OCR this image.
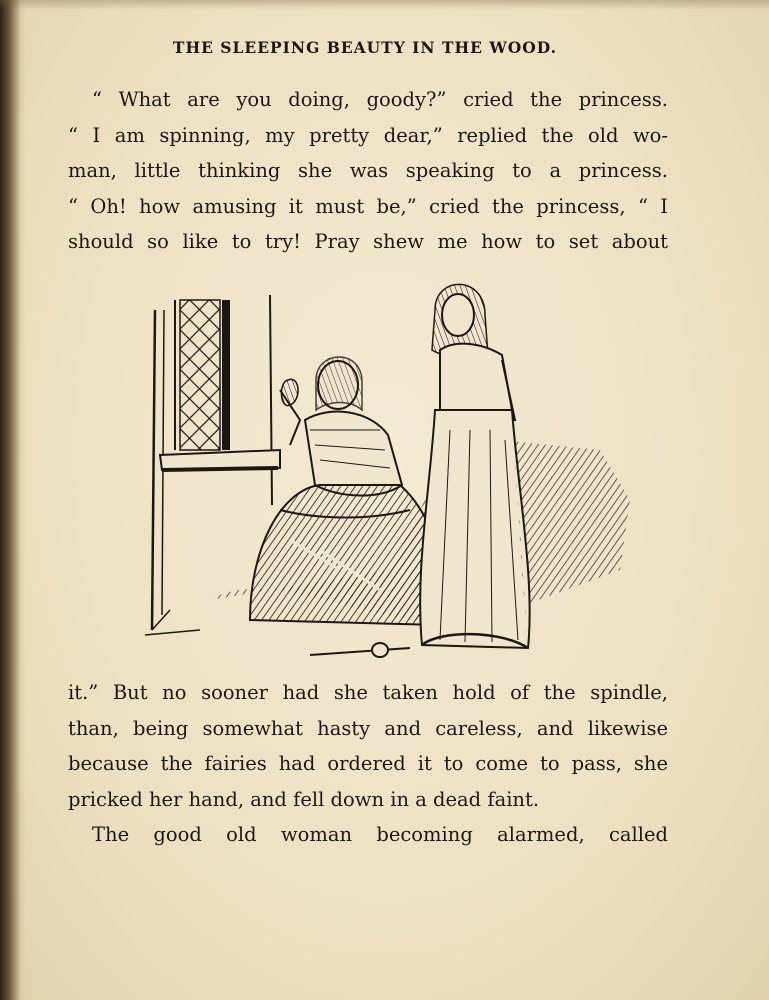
THE SLEEPING BEAUTY IN THE WOOD.
“ What are you doing, goody?” cried the princess.
“ I am spinning, my pretty dear,” replied the old wo-
man, little thinking she was speaking to a princess.
“ Oh! how amusing it must be,” cried the princess, “ I
should so like to try! Pray shew me how to set about
it.” But no sooner had she taken hold of the spindle,
than, being somewhat hasty and careless, and likewise
because the fairies had ordered it to come to pass, she
pricked her hand, and fell down in a dead faint.
The good old woman becoming alarmed, called
